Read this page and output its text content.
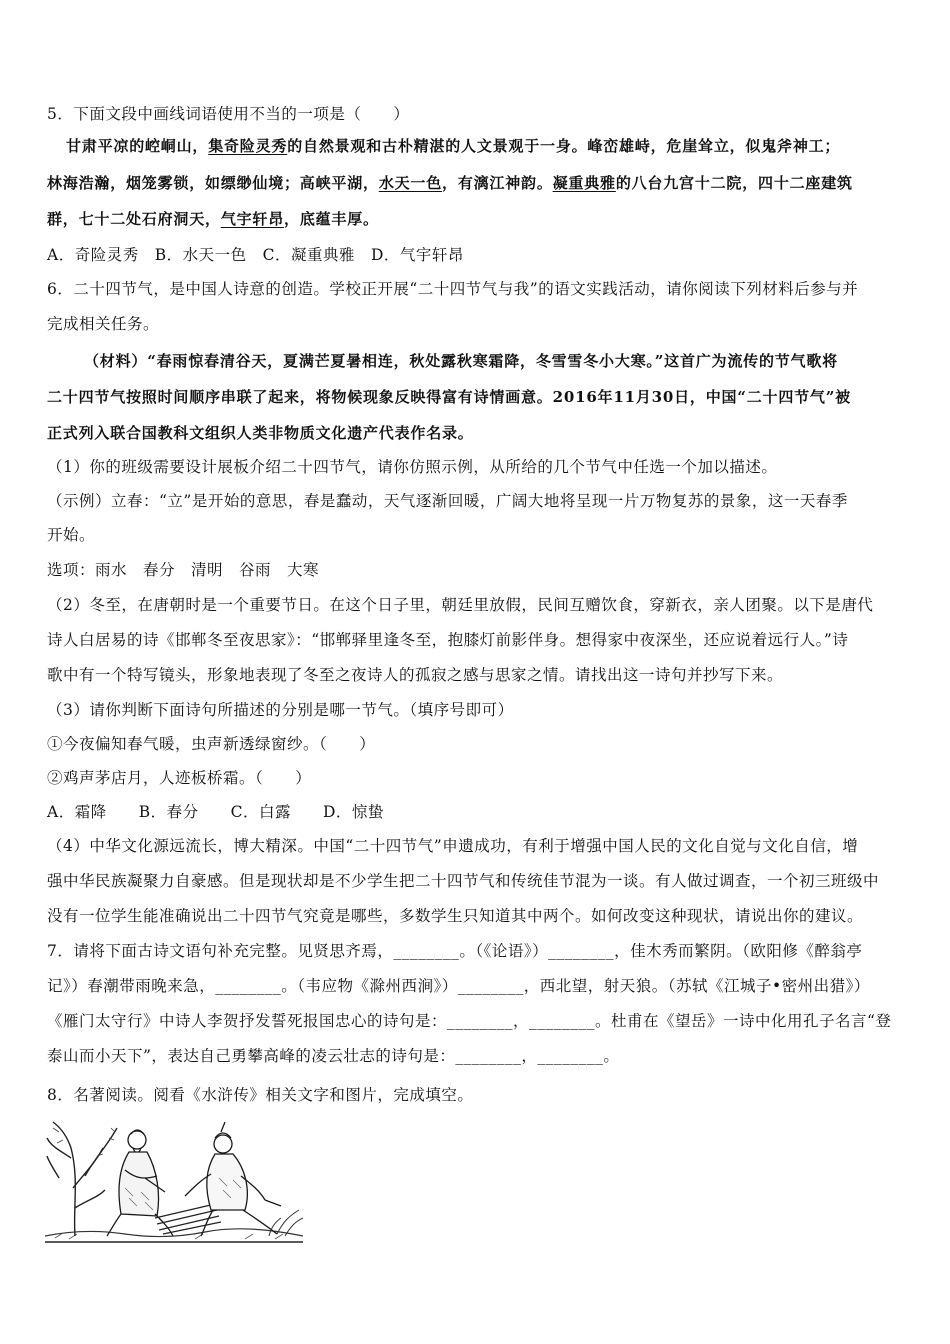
5．下面文段中画线词语使用不当的一项是（　　）
甘肃平凉的崆峒山，集奇险灵秀的自然景观和古朴精湛的人文景观于一身。峰峦雄峙，危崖耸立，似鬼斧神工；
林海浩瀚，烟笼雾锁，如缥缈仙境；高峡平湖，水天一色，有漓江神韵。凝重典雅的八台九宫十二院，四十二座建筑
群，七十二处石府洞天，气宇轩昂，底蕴丰厚。
A．奇险灵秀　B．水天一色　C．凝重典雅　D．气宇轩昂
6．二十四节气，是中国人诗意的创造。学校正开展“二十四节气与我”的语文实践活动，请你阅读下列材料后参与并
完成相关任务。
（材料）“春雨惊春清谷天，夏满芒夏暑相连，秋处露秋寒霜降，冬雪雪冬小大寒。”这首广为流传的节气歌将
二十四节气按照时间顺序串联了起来，将物候现象反映得富有诗情画意。2016年11月30日，中国“二十四节气”被
正式列入联合国教科文组织人类非物质文化遗产代表作名录。
（1）你的班级需要设计展板介绍二十四节气，请你仿照示例，从所给的几个节气中任选一个加以描述。
（示例）立春：“立”是开始的意思，春是蠢动，天气逐渐回暖，广阔大地将呈现一片万物复苏的景象，这一天春季
开始。
选项：雨水　春分　清明　谷雨　大寒
（2）冬至，在唐朝时是一个重要节日。在这个日子里，朝廷里放假，民间互赠饮食，穿新衣，亲人团聚。以下是唐代
诗人白居易的诗《邯郸冬至夜思家》：“邯郸驿里逢冬至，抱膝灯前影伴身。想得家中夜深坐，还应说着远行人。”诗
歌中有一个特写镜头，形象地表现了冬至之夜诗人的孤寂之感与思家之情。请找出这一诗句并抄写下来。
（3）请你判断下面诗句所描述的分别是哪一节气。（填序号即可）
①今夜偏知春气暖，虫声新透绿窗纱。（　　）
②鸡声茅店月，人迹板桥霜。（　　）
A．霜降　　B．春分　　C．白露　　D．惊蛰
（4）中华文化源远流长，博大精深。中国“二十四节气”申遗成功，有利于增强中国人民的文化自觉与文化自信，增
强中华民族凝聚力自豪感。但是现状却是不少学生把二十四节气和传统佳节混为一谈。有人做过调查，一个初三班级中
没有一位学生能准确说出二十四节气究竟是哪些，多数学生只知道其中两个。如何改变这种现状，请说出你的建议。
7．请将下面古诗文语句补充完整。见贤思齐焉，________。（《论语》）________，佳木秀而繁阴。（欧阳修《醉翁亭
记》）春潮带雨晚来急，________。（韦应物《滁州西涧》）________，西北望，射天狼。（苏轼《江城子•密州出猎》）
《雁门太守行》中诗人李贺抒发誓死报国忠心的诗句是：________，________。杜甫在《望岳》一诗中化用孔子名言“登
泰山而小天下”，表达自己勇攀高峰的凌云壮志的诗句是：________，________。
8．名著阅读。阅看《水浒传》相关文字和图片，完成填空。
